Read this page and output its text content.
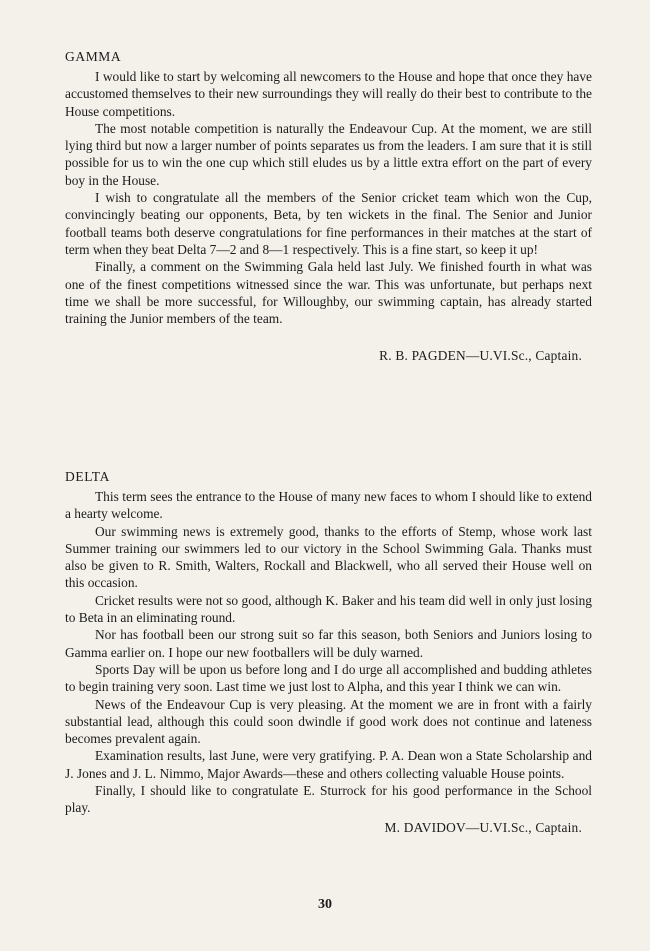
GAMMA

I would like to start by welcoming all newcomers to the House and hope that once they have accustomed themselves to their new surroundings they will really do their best to contribute to the House competitions.

The most notable competition is naturally the Endeavour Cup. At the moment, we are still lying third but now a larger number of points separates us from the leaders. I am sure that it is still possible for us to win the one cup which still eludes us by a little extra effort on the part of every boy in the House.

I wish to congratulate all the members of the Senior cricket team which won the Cup, convincingly beating our opponents, Beta, by ten wickets in the final. The Senior and Junior football teams both deserve congratulations for fine performances in their matches at the start of term when they beat Delta 7—2 and 8—1 respectively. This is a fine start, so keep it up!

Finally, a comment on the Swimming Gala held last July. We finished fourth in what was one of the finest competitions witnessed since the war. This was unfortunate, but perhaps next time we shall be more successful, for Willoughby, our swimming captain, has already started training the Junior members of the team.

R. B. PAGDEN—U.VI.Sc., Captain.
DELTA

This term sees the entrance to the House of many new faces to whom I should like to extend a hearty welcome.

Our swimming news is extremely good, thanks to the efforts of Stemp, whose work last Summer training our swimmers led to our victory in the School Swimming Gala. Thanks must also be given to R. Smith, Walters, Rockall and Blackwell, who all served their House well on this occasion.

Cricket results were not so good, although K. Baker and his team did well in only just losing to Beta in an eliminating round.

Nor has football been our strong suit so far this season, both Seniors and Juniors losing to Gamma earlier on. I hope our new footballers will be duly warned.

Sports Day will be upon us before long and I do urge all accomplished and budding athletes to begin training very soon. Last time we just lost to Alpha, and this year I think we can win.

News of the Endeavour Cup is very pleasing. At the moment we are in front with a fairly substantial lead, although this could soon dwindle if good work does not continue and lateness becomes prevalent again.

Examination results, last June, were very gratifying. P. A. Dean won a State Scholarship and J. Jones and J. L. Nimmo, Major Awards—these and others collecting valuable House points.

Finally, I should like to congratulate E. Sturrock for his good performance in the School play.

M. DAVIDOV—U.VI.Sc., Captain.
30
